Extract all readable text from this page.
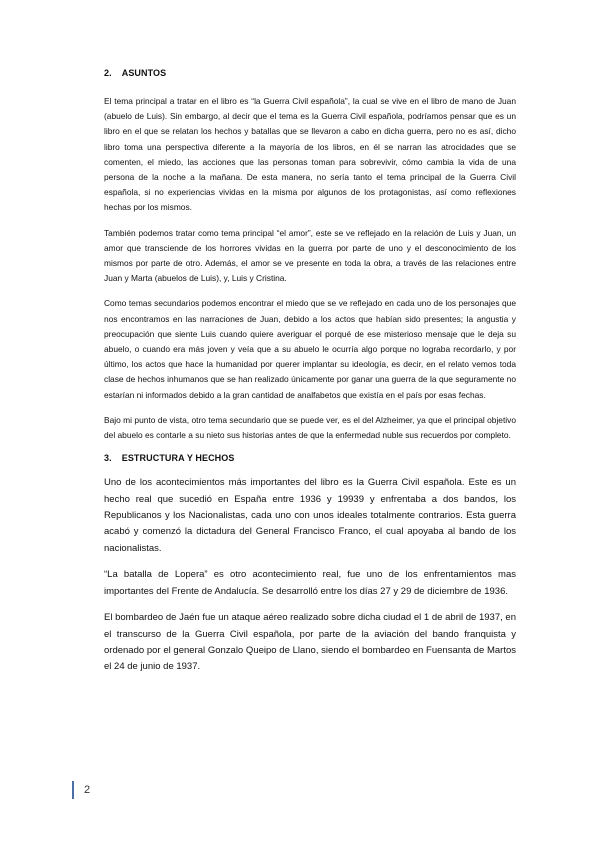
2. ASUNTOS

El tema principal a tratar en el libro es “la Guerra Civil española”, la cual se vive en el libro de mano de Juan (abuelo de Luis). Sin embargo, al decir que el tema es la Guerra Civil española, podríamos pensar que es un libro en el que se relatan los hechos y batallas que se llevaron a cabo en dicha guerra, pero no es así, dicho libro toma una perspectiva diferente a la mayoría de los libros, en él se narran las atrocidades que se comenten, el miedo, las acciones que las personas toman para sobrevivir, cómo cambia la vida de una persona de la noche a la mañana. De esta manera, no sería tanto el tema principal de la Guerra Civil española, si no experiencias vividas en la misma por algunos de los protagonistas, así como reflexiones hechas por los mismos.

También podemos tratar como tema principal “el amor”, este se ve reflejado en la relación de Luis y Juan, un amor que transciende de los horrores vividas en la guerra por parte de uno y el desconocimiento de los mismos por parte de otro. Además, el amor se ve presente en toda la obra, a través de las relaciones entre Juan y Marta (abuelos de Luis), y, Luis y Cristina.

Como temas secundarios podemos encontrar el miedo que se ve reflejado en cada uno de los personajes que nos encontramos en las narraciones de Juan, debido a los actos que habían sido presentes; la angustia y preocupación que siente Luis cuando quiere averiguar el porqué de ese misterioso mensaje que le deja su abuelo, o cuando era más joven y veía que a su abuelo le ocurría algo porque no lograba recordarlo, y por último, los actos que hace la humanidad por querer implantar su ideología, es decir, en el relato vemos toda clase de hechos inhumanos que se han realizado únicamente por ganar una guerra de la que seguramente no estarían ni informados debido a la gran cantidad de analfabetos que existía en el país por esas fechas.

Bajo mi punto de vista, otro tema secundario que se puede ver, es el del Alzheimer, ya que el principal objetivo del abuelo es contarle a su nieto sus historias antes de que la enfermedad nuble sus recuerdos por completo.

3. ESTRUCTURA Y HECHOS

Uno de los acontecimientos más importantes del libro es la Guerra Civil española. Este es un hecho real que sucedió en España entre 1936 y 19939 y enfrentaba a dos bandos, los Republicanos y los Nacionalistas, cada uno con unos ideales totalmente contrarios. Esta guerra acabó y comenzó la dictadura del General Francisco Franco, el cual apoyaba al bando de los nacionalistas.

“La batalla de Lopera” es otro acontecimiento real, fue uno de los enfrentamientos mas importantes del Frente de Andalucía. Se desarrolló entre los días 27 y 29 de diciembre de 1936.

El bombardeo de Jaén fue un ataque aéreo realizado sobre dicha ciudad el 1 de abril de 1937, en el transcurso de la Guerra Civil española, por parte de la aviación del bando franquista y ordenado por el general Gonzalo Queipo de Llano, siendo el bombardeo en Fuensanta de Martos el 24 de junio de 1937.

2
